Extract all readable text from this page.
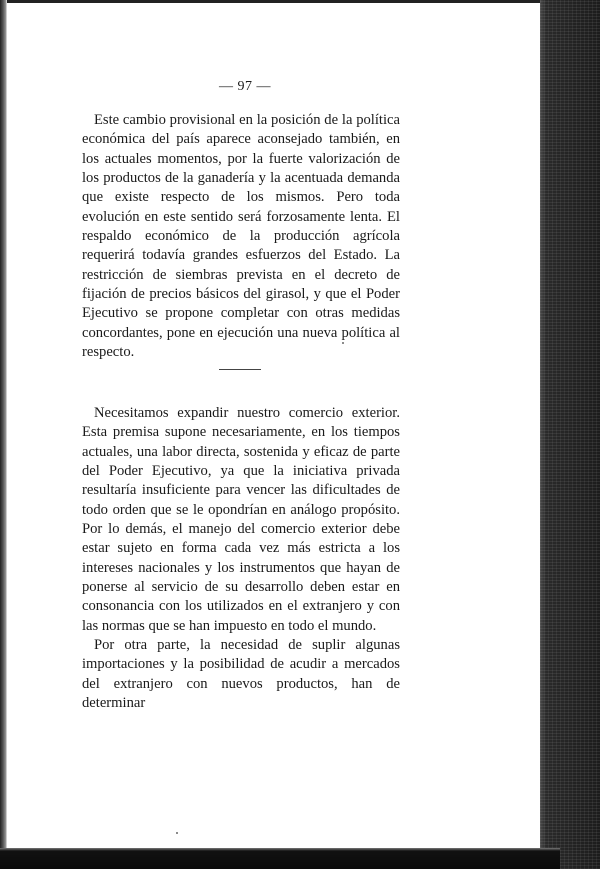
— 97 —

Este cambio provisional en la posición de la política económica del país aparece aconsejado también, en los actuales momentos, por la fuerte valorización de los productos de la ganadería y la acentuada demanda que existe respecto de los mismos. Pero toda evolución en este sentido será forzosamente lenta. El respaldo económico de la producción agrícola requerirá todavía grandes esfuerzos del Estado. La restricción de siembras prevista en el decreto de fijación de precios básicos del girasol, y que el Poder Ejecutivo se propone completar con otras medidas concordantes, pone en ejecución una nueva política al respecto.

Necesitamos expandir nuestro comercio exterior. Esta premisa supone necesariamente, en los tiempos actuales, una labor directa, sostenida y eficaz de parte del Poder Ejecutivo, ya que la iniciativa privada resultaría insuficiente para vencer las dificultades de todo orden que se le opondrían en análogo propósito. Por lo demás, el manejo del comercio exterior debe estar sujeto en forma cada vez más estricta a los intereses nacionales y los instrumentos que hayan de ponerse al servicio de su desarrollo deben estar en consonancia con los utilizados en el extranjero y con las normas que se han impuesto en todo el mundo.

Por otra parte, la necesidad de suplir algunas importaciones y la posibilidad de acudir a mercados del extranjero con nuevos productos, han de determinar
